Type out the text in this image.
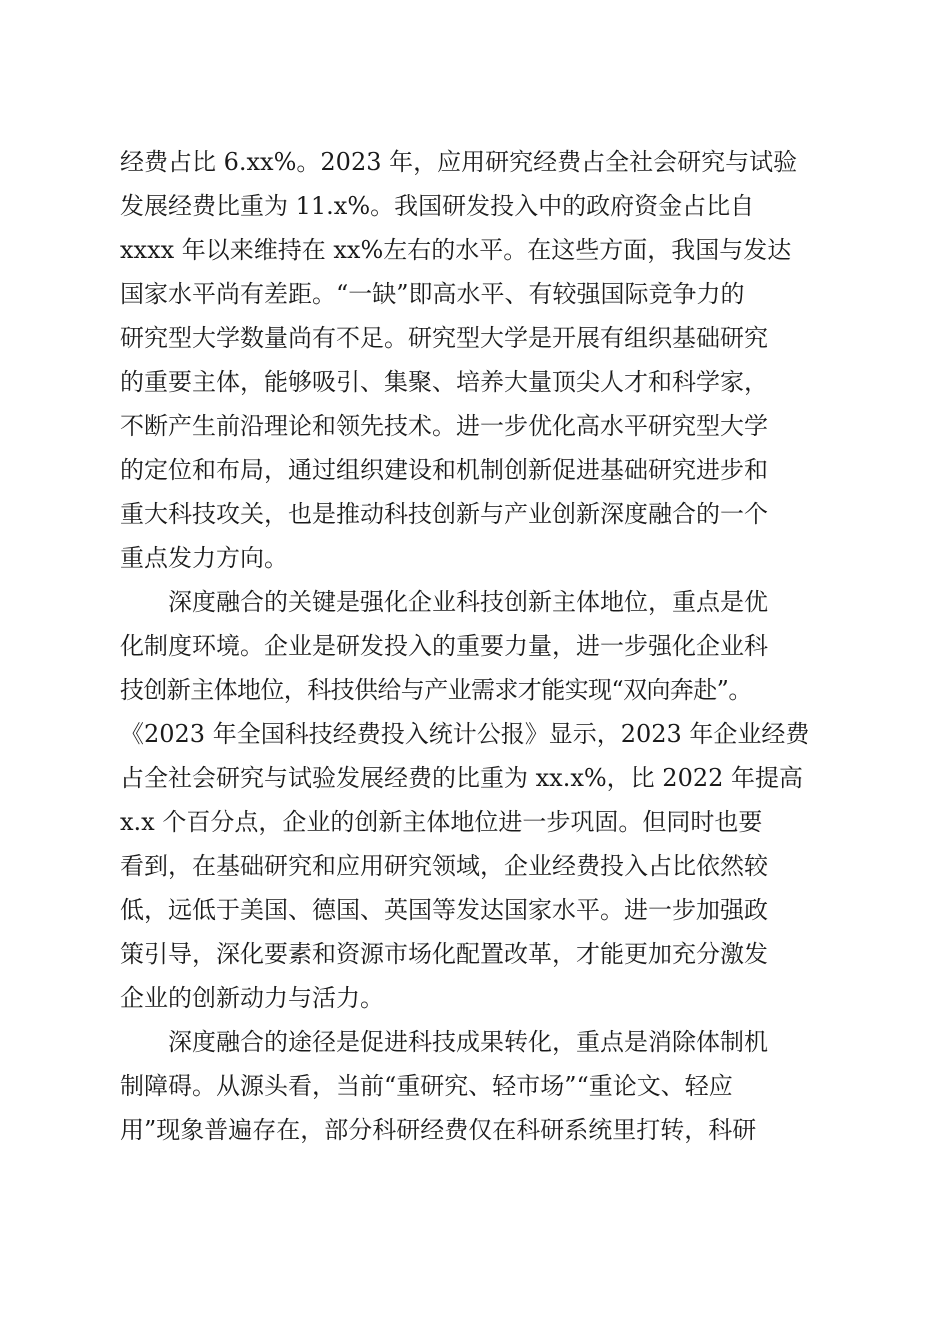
经费占比 6.xx%。2023 年，应用研究经费占全社会研究与试验
发展经费比重为 11.x%。我国研发投入中的政府资金占比自
xxxx 年以来维持在 xx%左右的水平。在这些方面，我国与发达
国家水平尚有差距。“一缺”即高水平、有较强国际竞争力的
研究型大学数量尚有不足。研究型大学是开展有组织基础研究
的重要主体，能够吸引、集聚、培养大量顶尖人才和科学家，
不断产生前沿理论和领先技术。进一步优化高水平研究型大学
的定位和布局，通过组织建设和机制创新促进基础研究进步和
重大科技攻关，也是推动科技创新与产业创新深度融合的一个
重点发力方向。
深度融合的关键是强化企业科技创新主体地位，重点是优
化制度环境。企业是研发投入的重要力量，进一步强化企业科
技创新主体地位，科技供给与产业需求才能实现“双向奔赴”。
《2023 年全国科技经费投入统计公报》显示，2023 年企业经费
占全社会研究与试验发展经费的比重为 xx.x%，比 2022 年提高
x.x 个百分点，企业的创新主体地位进一步巩固。但同时也要
看到，在基础研究和应用研究领域，企业经费投入占比依然较
低，远低于美国、德国、英国等发达国家水平。进一步加强政
策引导，深化要素和资源市场化配置改革，才能更加充分激发
企业的创新动力与活力。
深度融合的途径是促进科技成果转化，重点是消除体制机
制障碍。从源头看，当前“重研究、轻市场”“重论文、轻应
用”现象普遍存在，部分科研经费仅在科研系统里打转，科研
